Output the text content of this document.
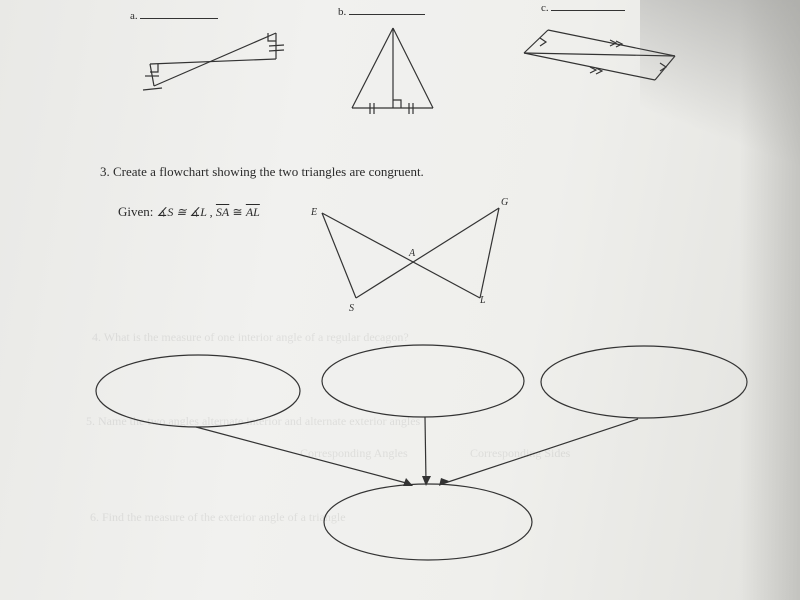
4. What is the measure of one interior angle of a regular decagon?
5. Name the two angles alternate interior and alternate exterior angles
Corresponding Angles	Corresponding Sides
6. Find the measure of the exterior angle of a triangle
a.	b.	c.
3. Create a flowchart showing the two triangles are congruent.
Given: ∡S ≅ ∡L , $\overline{SA}$ ≅ $\overline{AL}$	E
G
A
S
L
